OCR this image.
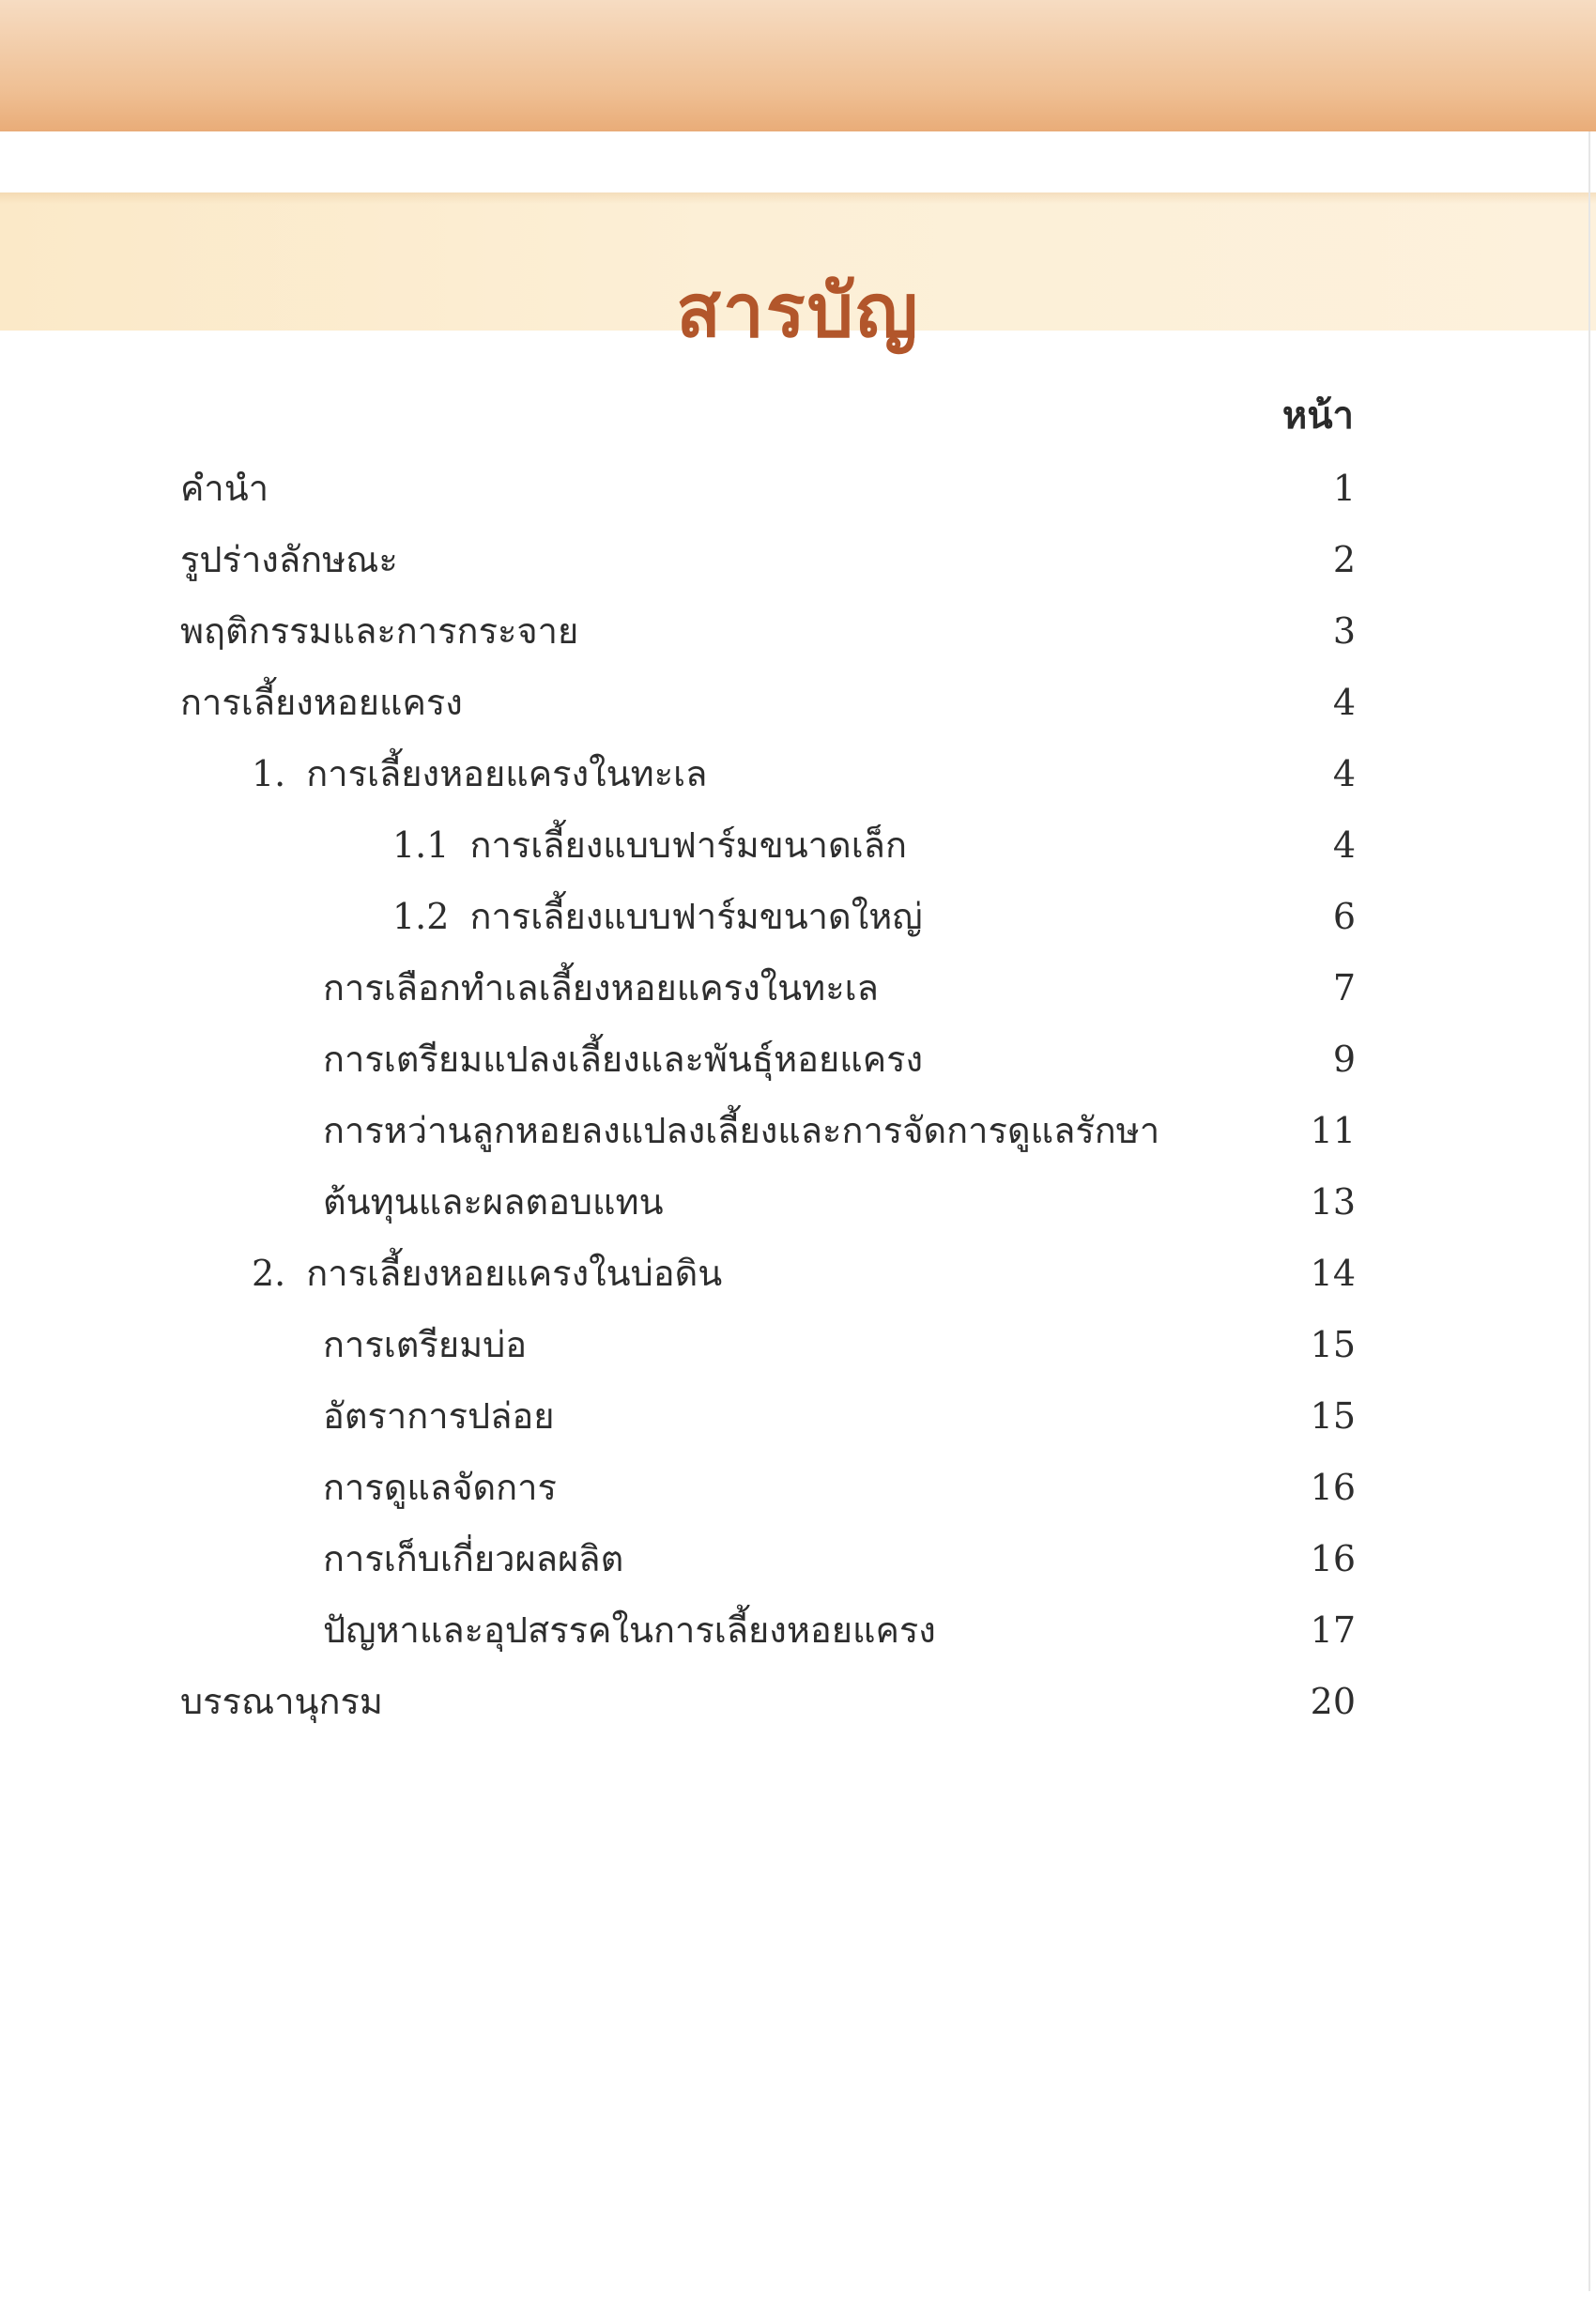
สารบัญ
หน้า
คำนำ	1
รูปร่างลักษณะ	2
พฤติกรรมและการกระจาย	3
การเลี้ยงหอยแครง	4
1. การเลี้ยงหอยแครงในทะเล	4
1.1 การเลี้ยงแบบฟาร์มขนาดเล็ก	4
1.2 การเลี้ยงแบบฟาร์มขนาดใหญ่	6
การเลือกทำเลเลี้ยงหอยแครงในทะเล	7
การเตรียมแปลงเลี้ยงและพันธุ์หอยแครง	9
การหว่านลูกหอยลงแปลงเลี้ยงและการจัดการดูแลรักษา	11
ต้นทุนและผลตอบแทน	13
2. การเลี้ยงหอยแครงในบ่อดิน	14
การเตรียมบ่อ	15
อัตราการปล่อย	15
การดูแลจัดการ	16
การเก็บเกี่ยวผลผลิต	16
ปัญหาและอุปสรรคในการเลี้ยงหอยแครง	17
บรรณานุกรม	20
